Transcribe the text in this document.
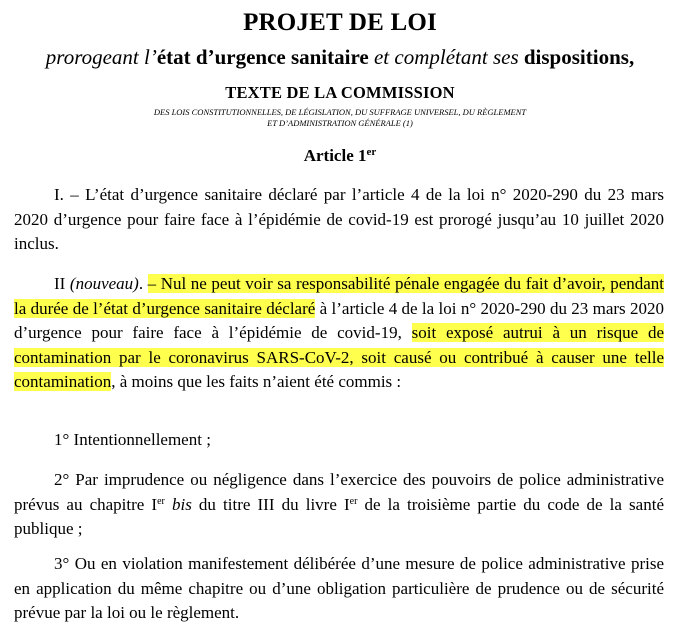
PROJET DE LOI
prorogeant l’état d’urgence sanitaire et complétant ses dispositions,
TEXTE DE LA COMMISSION
DES LOIS CONSTITUTIONNELLES, DE LÉGISLATION, DU SUFFRAGE UNIVERSEL, DU RÈGLEMENT ET D’ADMINISTRATION GÉNÉRALE (1)
Article 1er
I. – L’état d’urgence sanitaire déclaré par l’article 4 de la loi n° 2020-290 du 23 mars 2020 d’urgence pour faire face à l’épidémie de covid-19 est prorogé jusqu’au 10 juillet 2020 inclus.
II (nouveau). – Nul ne peut voir sa responsabilité pénale engagée du fait d’avoir, pendant la durée de l’état d’urgence sanitaire déclaré à l’article 4 de la loi n° 2020-290 du 23 mars 2020 d’urgence pour faire face à l’épidémie de covid-19, soit exposé autrui à un risque de contamination par le coronavirus SARS-CoV-2, soit causé ou contribué à causer une telle contamination, à moins que les faits n’aient été commis :
1° Intentionnellement ;
2° Par imprudence ou négligence dans l’exercice des pouvoirs de police administrative prévus au chapitre Ier bis du titre III du livre Ier de la troisième partie du code de la santé publique ;
3° Ou en violation manifestement délibérée d’une mesure de police administrative prise en application du même chapitre ou d’une obligation particulière de prudence ou de sécurité prévue par la loi ou le règlement.
